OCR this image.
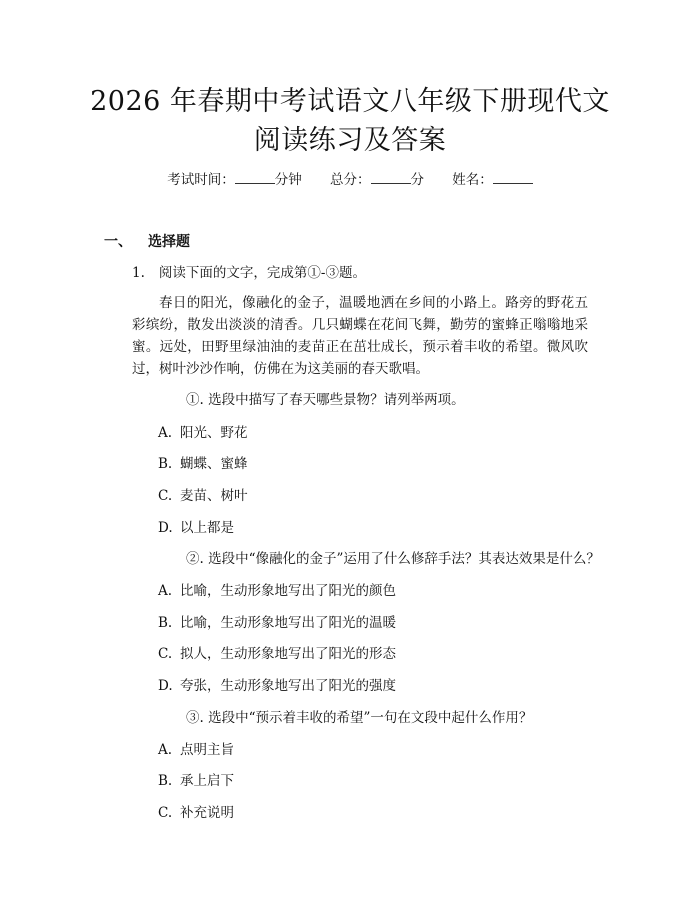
2026 年春期中考试语文八年级下册现代文阅读练习及答案
考试时间：	分钟 总分：	分 姓名：
一、 选择题
1. 阅读下面的文字，完成第①-③题。
春日的阳光，像融化的金子，温暖地洒在乡间的小路上。路旁的野花五彩缤纷，散发出淡淡的清香。几只蝴蝶在花间飞舞，勤劳的蜜蜂正嗡嗡地采蜜。远处，田野里绿油油的麦苗正在茁壮成长，预示着丰收的希望。微风吹过，树叶沙沙作响，仿佛在为这美丽的春天歌唱。
①. 选段中描写了春天哪些景物？请列举两项。
A. 阳光、野花
B. 蝴蝶、蜜蜂
C. 麦苗、树叶
D. 以上都是
②. 选段中“像融化的金子”运用了什么修辞手法？其表达效果是什么？
A. 比喻，生动形象地写出了阳光的颜色
B. 比喻，生动形象地写出了阳光的温暖
C. 拟人，生动形象地写出了阳光的形态
D. 夸张，生动形象地写出了阳光的强度
③. 选段中“预示着丰收的希望”一句在文段中起什么作用？
A. 点明主旨
B. 承上启下
C. 补充说明
